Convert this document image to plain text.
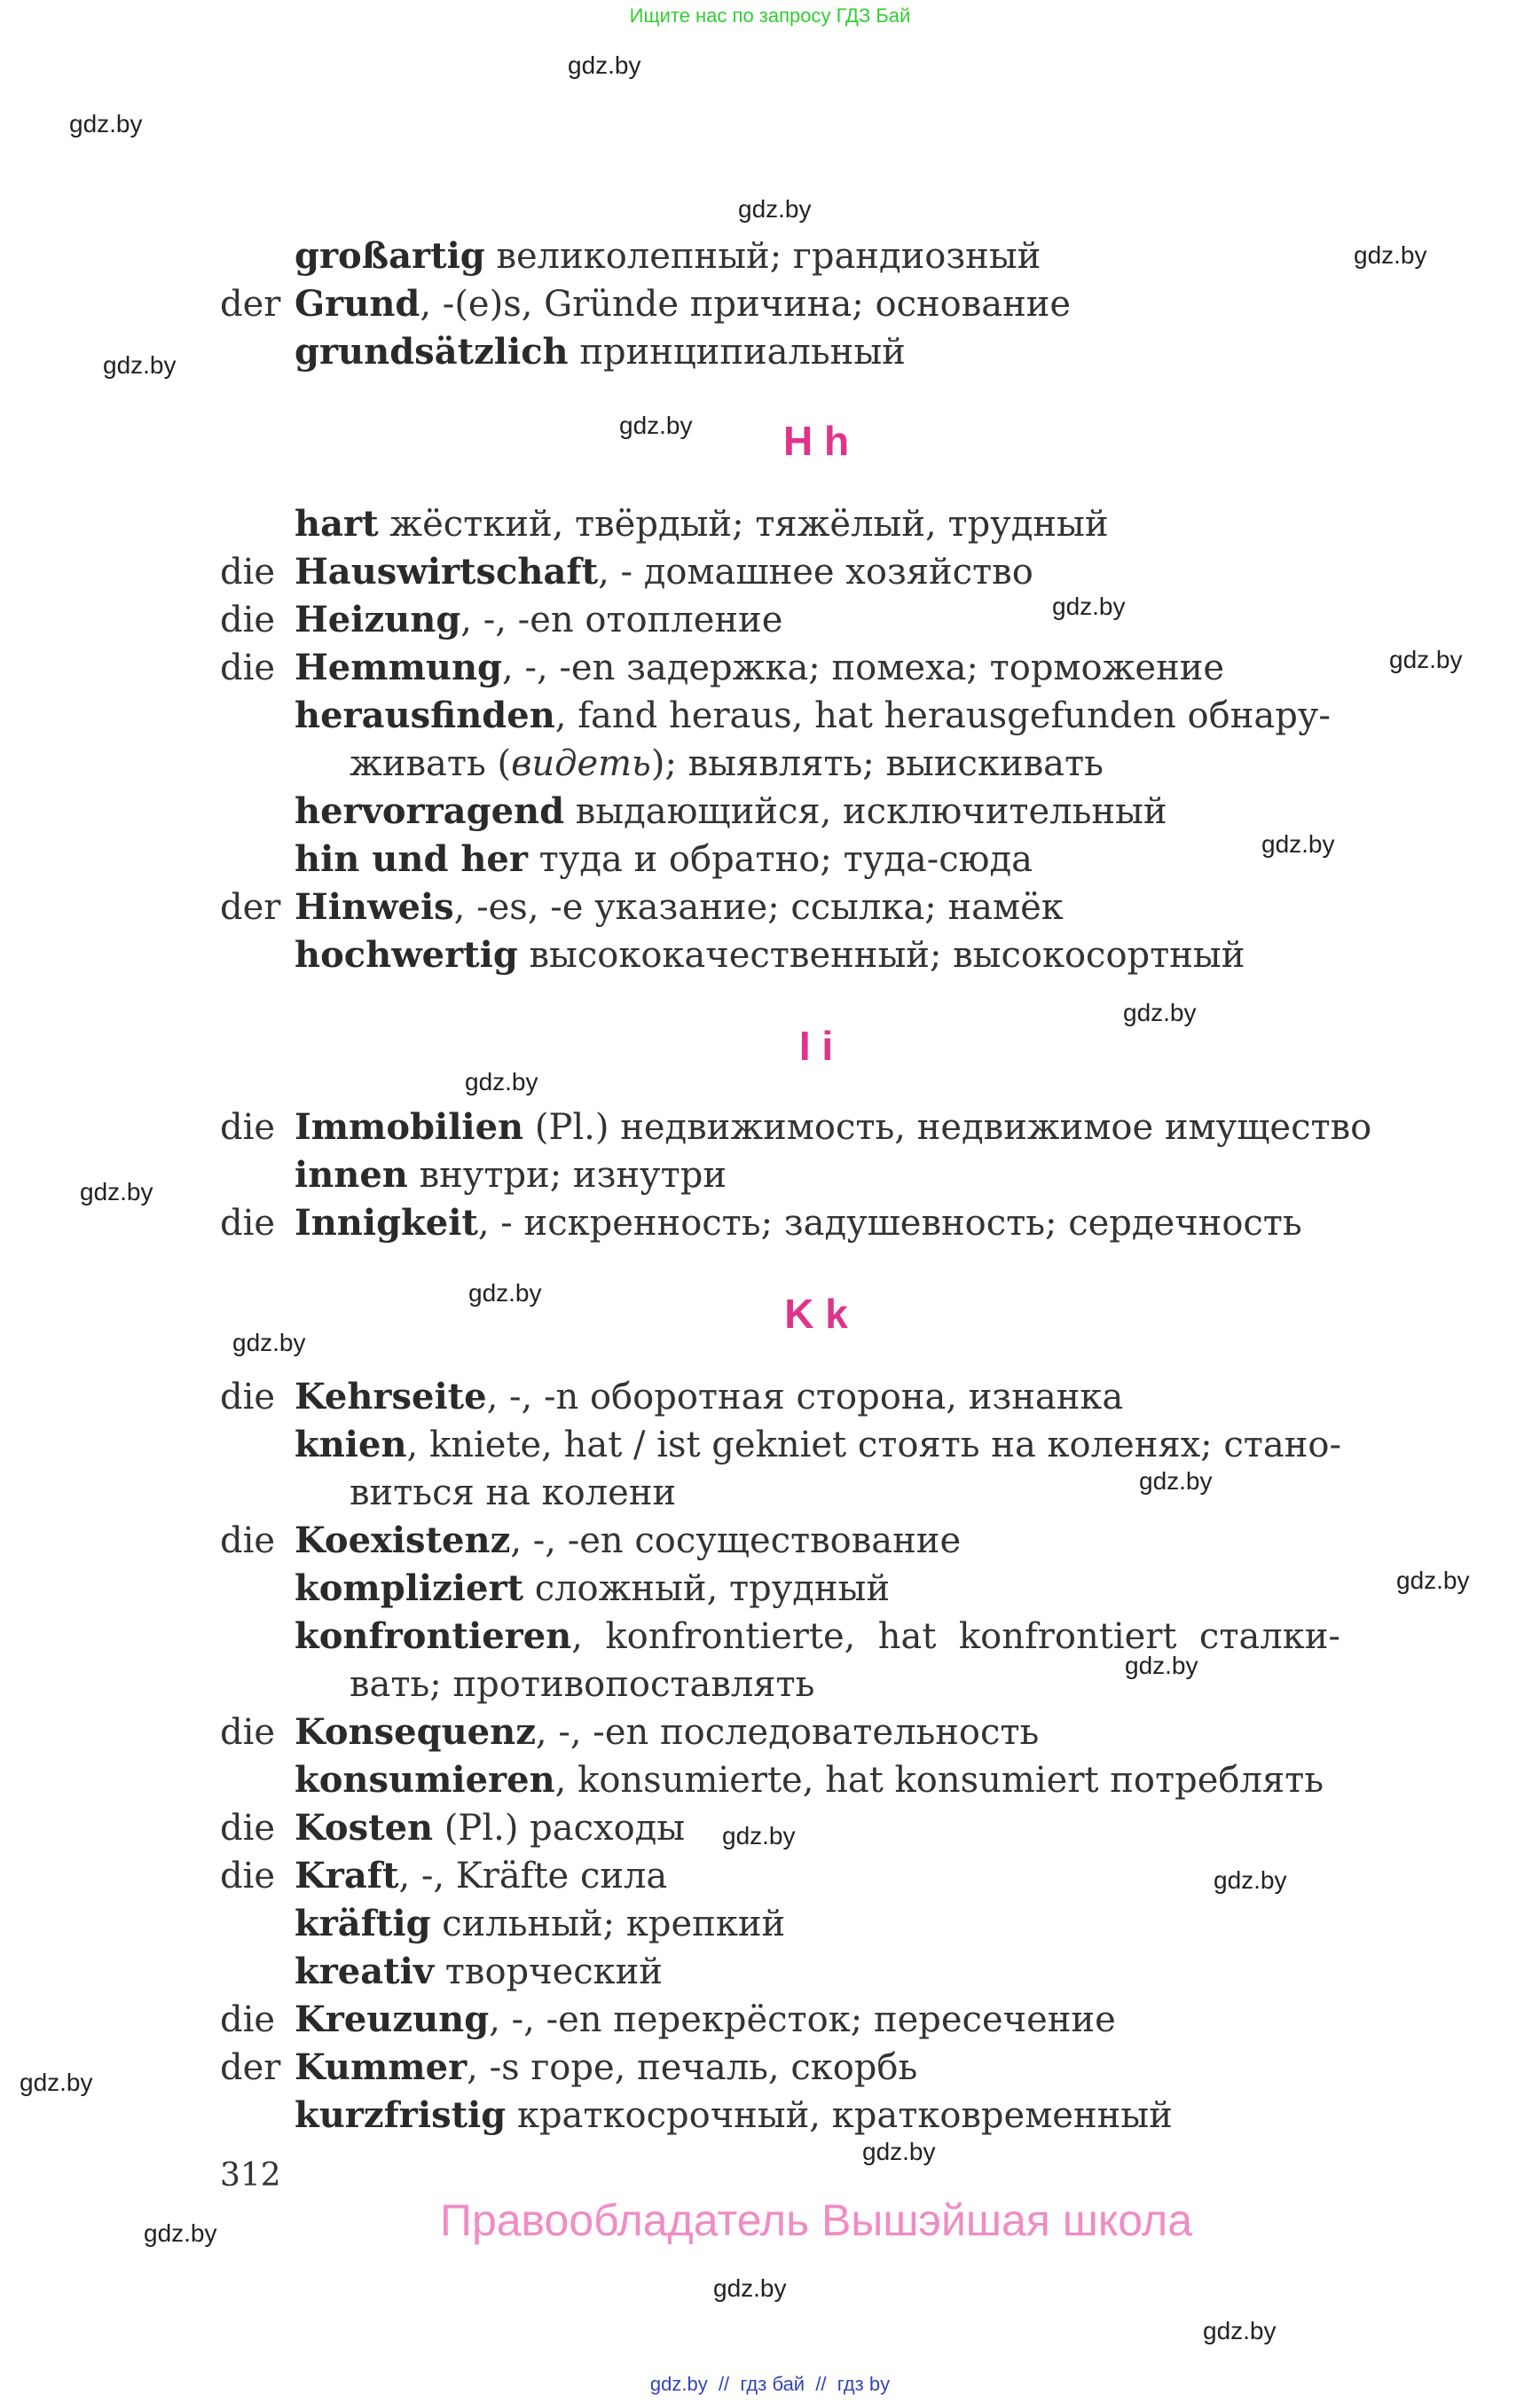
Ищите нас по запросу ГДЗ Бай
gdz.by
gdz.by
gdz.by
gdz.by
gdz.by
gdz.by
gdz.by
gdz.by
gdz.by
gdz.by
gdz.by
gdz.by
gdz.by
gdz.by
gdz.by
gdz.by
gdz.by
gdz.by
gdz.by
gdz.by
gdz.by
gdz.by
gdz.by
gdz.by
großartig великолепный; грандиозный
der Grund, -(e)s, Gründe причина; основание
grundsätzlich принципиальный
H h
hart жёсткий, твёрдый; тяжёлый, трудный
die Hauswirtschaft, - домашнее хозяйство
die Heizung, -, -en отопление
die Hemmung, -, -en задержка; помеха; торможение
herausfinden, fand heraus, hat herausgefunden обнару-
живать (видеть); выявлять; выискивать
hervorragend выдающийся, исключительный
hin und her туда и обратно; туда-сюда
der Hinweis, -es, -e указание; ссылка; намёк
hochwertig высококачественный; высокосортный
I i
die Immobilien (Pl.) недвижимость, недвижимое имущество
innen внутри; изнутри
die Innigkeit, - искренность; задушевность; сердечность
K k
die Kehrseite, -, -n оборотная сторона, изнанка
knien, kniete, hat / ist gekniet стоять на коленях; стано-
виться на колени
die Koexistenz, -, -en сосуществование
kompliziert сложный, трудный
konfrontieren,  konfrontierte,  hat  konfrontiert  сталки-
вать; противопоставлять
die Konsequenz, -, -en последовательность
konsumieren, konsumierte, hat konsumiert потреблять
die Kosten (Pl.) расходы
die Kraft, -, Kräfte сила
kräftig сильный; крепкий
kreativ творческий
die Kreuzung, -, -en перекрёсток; пересечение
der Kummer, -s горе, печаль, скорбь
kurzfristig краткосрочный, кратковременный
312
Правообладатель Вышэйшая школа
gdz.by  //  гдз бай  //  гдз by
